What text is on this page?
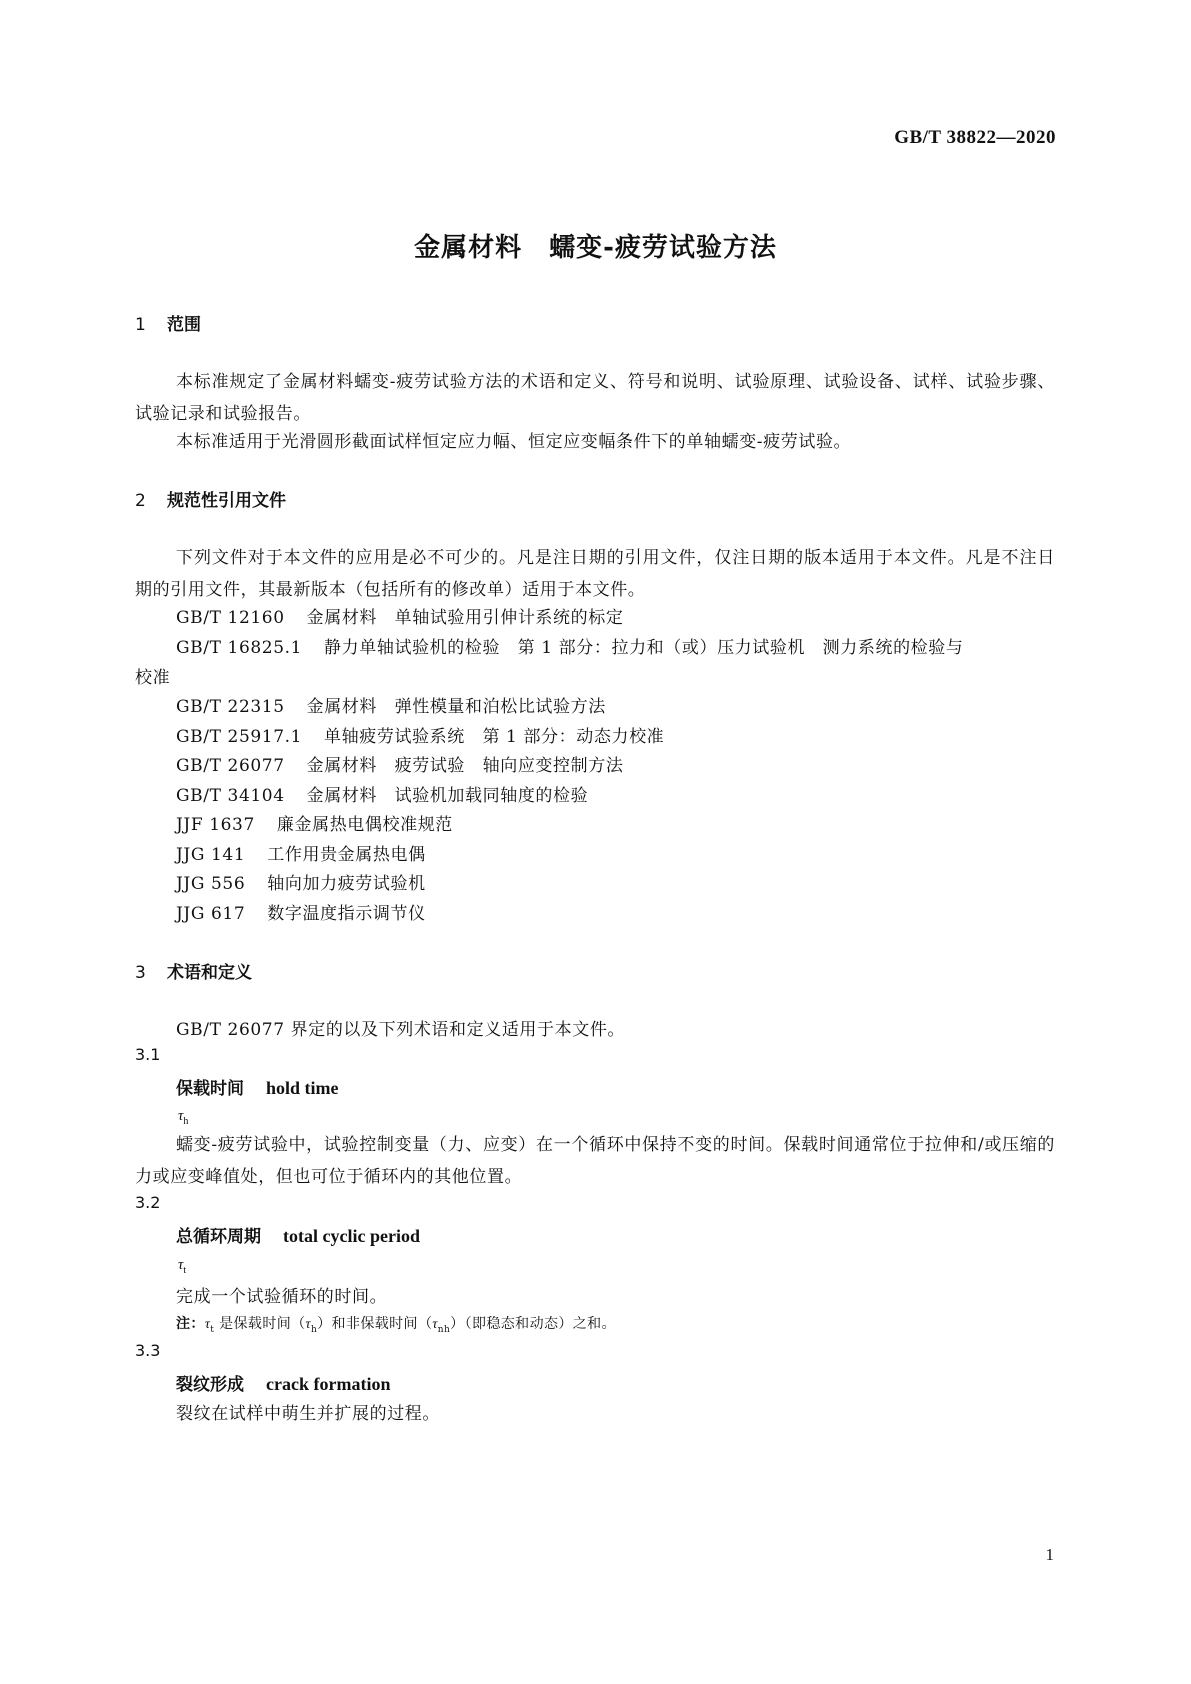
GB/T 38822—2020
金属材料　蠕变-疲劳试验方法
1 范围
本标准规定了金属材料蠕变-疲劳试验方法的术语和定义、符号和说明、试验原理、试验设备、试样、试验步骤、试验记录和试验报告。
本标准适用于光滑圆形截面试样恒定应力幅、恒定应变幅条件下的单轴蠕变-疲劳试验。
2 规范性引用文件
下列文件对于本文件的应用是必不可少的。凡是注日期的引用文件，仅注日期的版本适用于本文件。凡是不注日期的引用文件，其最新版本（包括所有的修改单）适用于本文件。
GB/T 12160 金属材料　单轴试验用引伸计系统的标定
GB/T 16825.1 静力单轴试验机的检验　第 1 部分：拉力和（或）压力试验机　测力系统的检验与
校准
GB/T 22315 金属材料　弹性模量和泊松比试验方法
GB/T 25917.1 单轴疲劳试验系统　第 1 部分：动态力校准
GB/T 26077 金属材料　疲劳试验　轴向应变控制方法
GB/T 34104 金属材料　试验机加载同轴度的检验
JJF 1637 廉金属热电偶校准规范
JJG 141 工作用贵金属热电偶
JJG 556 轴向加力疲劳试验机
JJG 617 数字温度指示调节仪
3 术语和定义
GB/T 26077 界定的以及下列术语和定义适用于本文件。
3.1
保载时间 hold time
$\tau_h$
蠕变-疲劳试验中，试验控制变量（力、应变）在一个循环中保持不变的时间。保载时间通常位于拉伸和/或压缩的力或应变峰值处，但也可位于循环内的其他位置。
3.2
总循环周期 total cyclic period
$\tau_t$
完成一个试验循环的时间。
注：$\tau_t$ 是保载时间$(\tau_h)$和非保载时间$(\tau_{nh})$（即稳态和动态）之和。
3.3
裂纹形成 crack formation
裂纹在试样中萌生并扩展的过程。
1
